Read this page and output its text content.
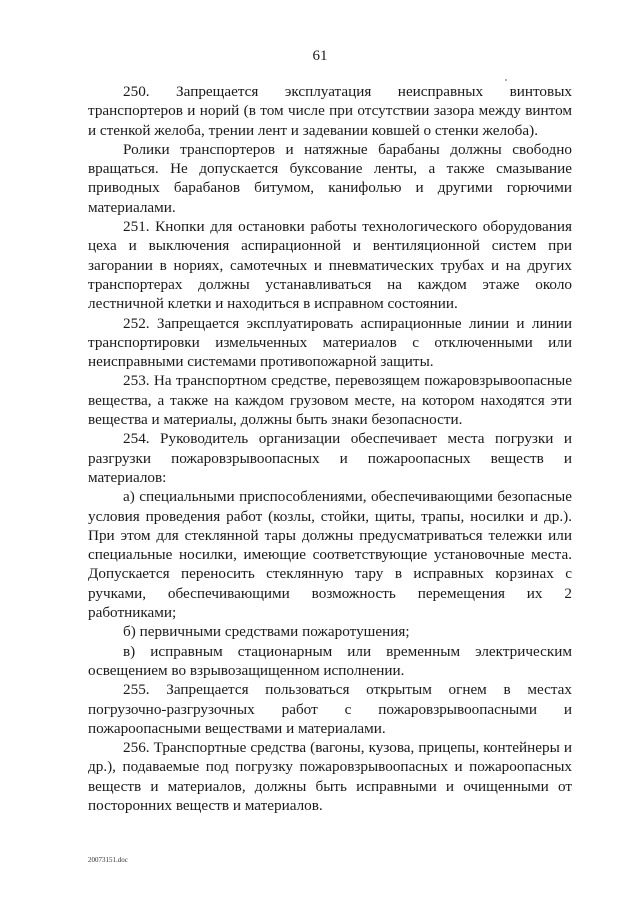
61

250. Запрещается эксплуатация неисправных винтовых транспортеров и норий (в том числе при отсутствии зазора между винтом и стенкой желоба, трении лент и задевании ковшей о стенки желоба).

Ролики транспортеров и натяжные барабаны должны свободно вращаться. Не допускается буксование ленты, а также смазывание приводных барабанов битумом, канифолью и другими горючими материалами.

251. Кнопки для остановки работы технологического оборудования цеха и выключения аспирационной и вентиляционной систем при загорании в нориях, самотечных и пневматических трубах и на других транспортерах должны устанавливаться на каждом этаже около лестничной клетки и находиться в исправном состоянии.

252. Запрещается эксплуатировать аспирационные линии и линии транспортировки измельченных материалов с отключенными или неисправными системами противопожарной защиты.

253. На транспортном средстве, перевозящем пожаровзрывоопасные вещества, а также на каждом грузовом месте, на котором находятся эти вещества и материалы, должны быть знаки безопасности.

254. Руководитель организации обеспечивает места погрузки и разгрузки пожаровзрывоопасных и пожароопасных веществ и материалов:

а) специальными приспособлениями, обеспечивающими безопасные условия проведения работ (козлы, стойки, щиты, трапы, носилки и др.). При этом для стеклянной тары должны предусматриваться тележки или специальные носилки, имеющие соответствующие установочные места. Допускается переносить стеклянную тару в исправных корзинах с ручками, обеспечивающими возможность перемещения их 2 работниками;

б) первичными средствами пожаротушения;

в) исправным стационарным или временным электрическим освещением во взрывозащищенном исполнении.

255. Запрещается пользоваться открытым огнем в местах погрузочно-разгрузочных работ с пожаровзрывоопасными и пожароопасными веществами и материалами.

256. Транспортные средства (вагоны, кузова, прицепы, контейнеры и др.), подаваемые под погрузку пожаровзрывоопасных и пожароопасных веществ и материалов, должны быть исправными и очищенными от посторонних веществ и материалов.

20073151.doc
